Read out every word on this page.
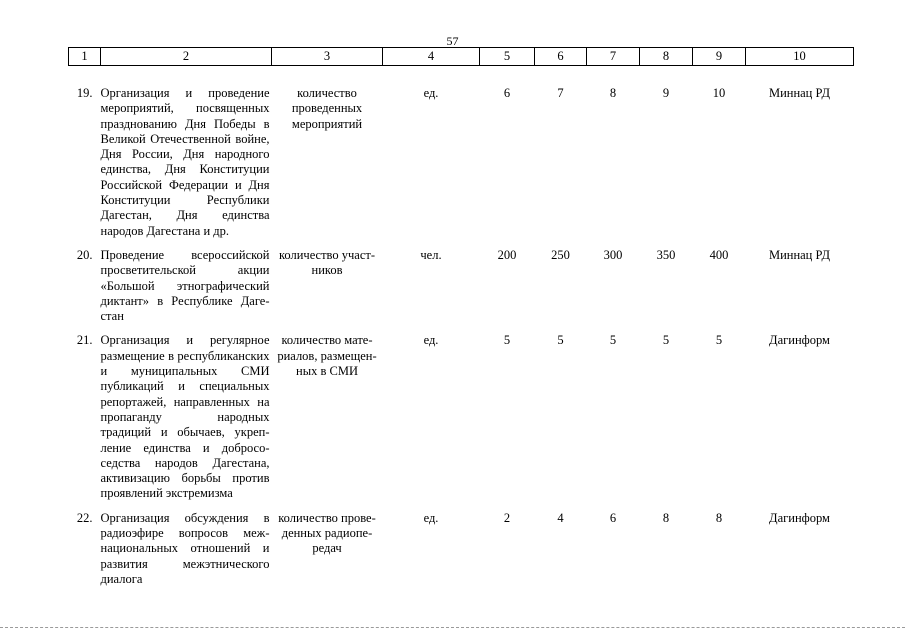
57
1	2	3	4	5	6	7	8	9	10
19.	Организация и проведение мероприятий, посвященных празднованию Дня Победы в Великой Отечественной войне, Дня России, Дня народного единства, Дня Конституции Российской Федерации и Дня Конституции Республики Дагестан, Дня единства народов Дагестана и др.	количество проведенных мероприятий	ед.	6	7	8	9	10	Миннац РД
20.	Проведение всероссийской просветительской акции «Большой этнографический диктант» в Республике Дагестан	количество участников	чел.	200	250	300	350	400	Миннац РД
21.	Организация и регулярное размещение в республиканских и муниципальных СМИ публикаций и специальных репортажей, направленных на пропаганду народных традиций и обычаев, укрепление единства и добрососедства народов Дагестана, активизацию борьбы против проявлений экстремизма	количество материалов, размещенных в СМИ	ед.	5	5	5	5	5	Дагинформ
22.	Организация обсуждения в радиоэфире вопросов межнациональных отношений и развития межэтнического диалога	количество проведенных радиопередач	ед.	2	4	6	8	8	Дагинформ
